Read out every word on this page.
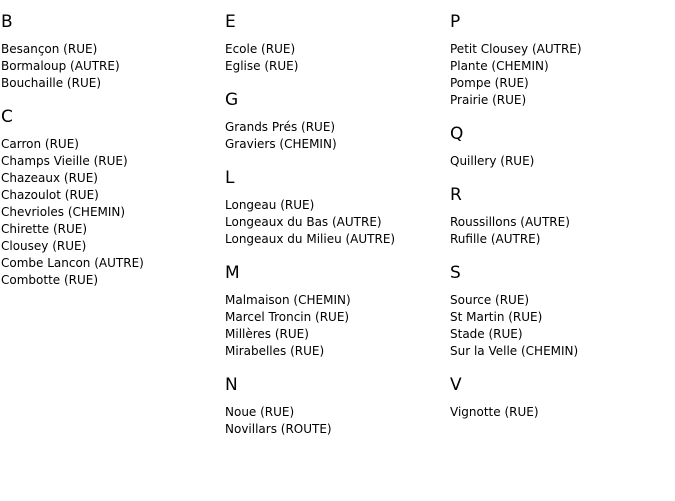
B
Besançon (RUE)
Bormaloup (AUTRE)
Bouchaille (RUE)
C
Carron (RUE)
Champs Vieille (RUE)
Chazeaux (RUE)
Chazoulot (RUE)
Chevrioles (CHEMIN)
Chirette (RUE)
Clousey (RUE)
Combe Lancon (AUTRE)
Combotte (RUE)
E
Ecole (RUE)
Eglise (RUE)
G
Grands Prés (RUE)
Graviers (CHEMIN)
L
Longeau (RUE)
Longeaux du Bas (AUTRE)
Longeaux du Milieu (AUTRE)
M
Malmaison (CHEMIN)
Marcel Troncin (RUE)
Millères (RUE)
Mirabelles (RUE)
N
Noue (RUE)
Novillars (ROUTE)
P
Petit Clousey (AUTRE)
Plante (CHEMIN)
Pompe (RUE)
Prairie (RUE)
Q
Quillery (RUE)
R
Roussillons (AUTRE)
Rufille (AUTRE)
S
Source (RUE)
St Martin (RUE)
Stade (RUE)
Sur la Velle (CHEMIN)
V
Vignotte (RUE)
